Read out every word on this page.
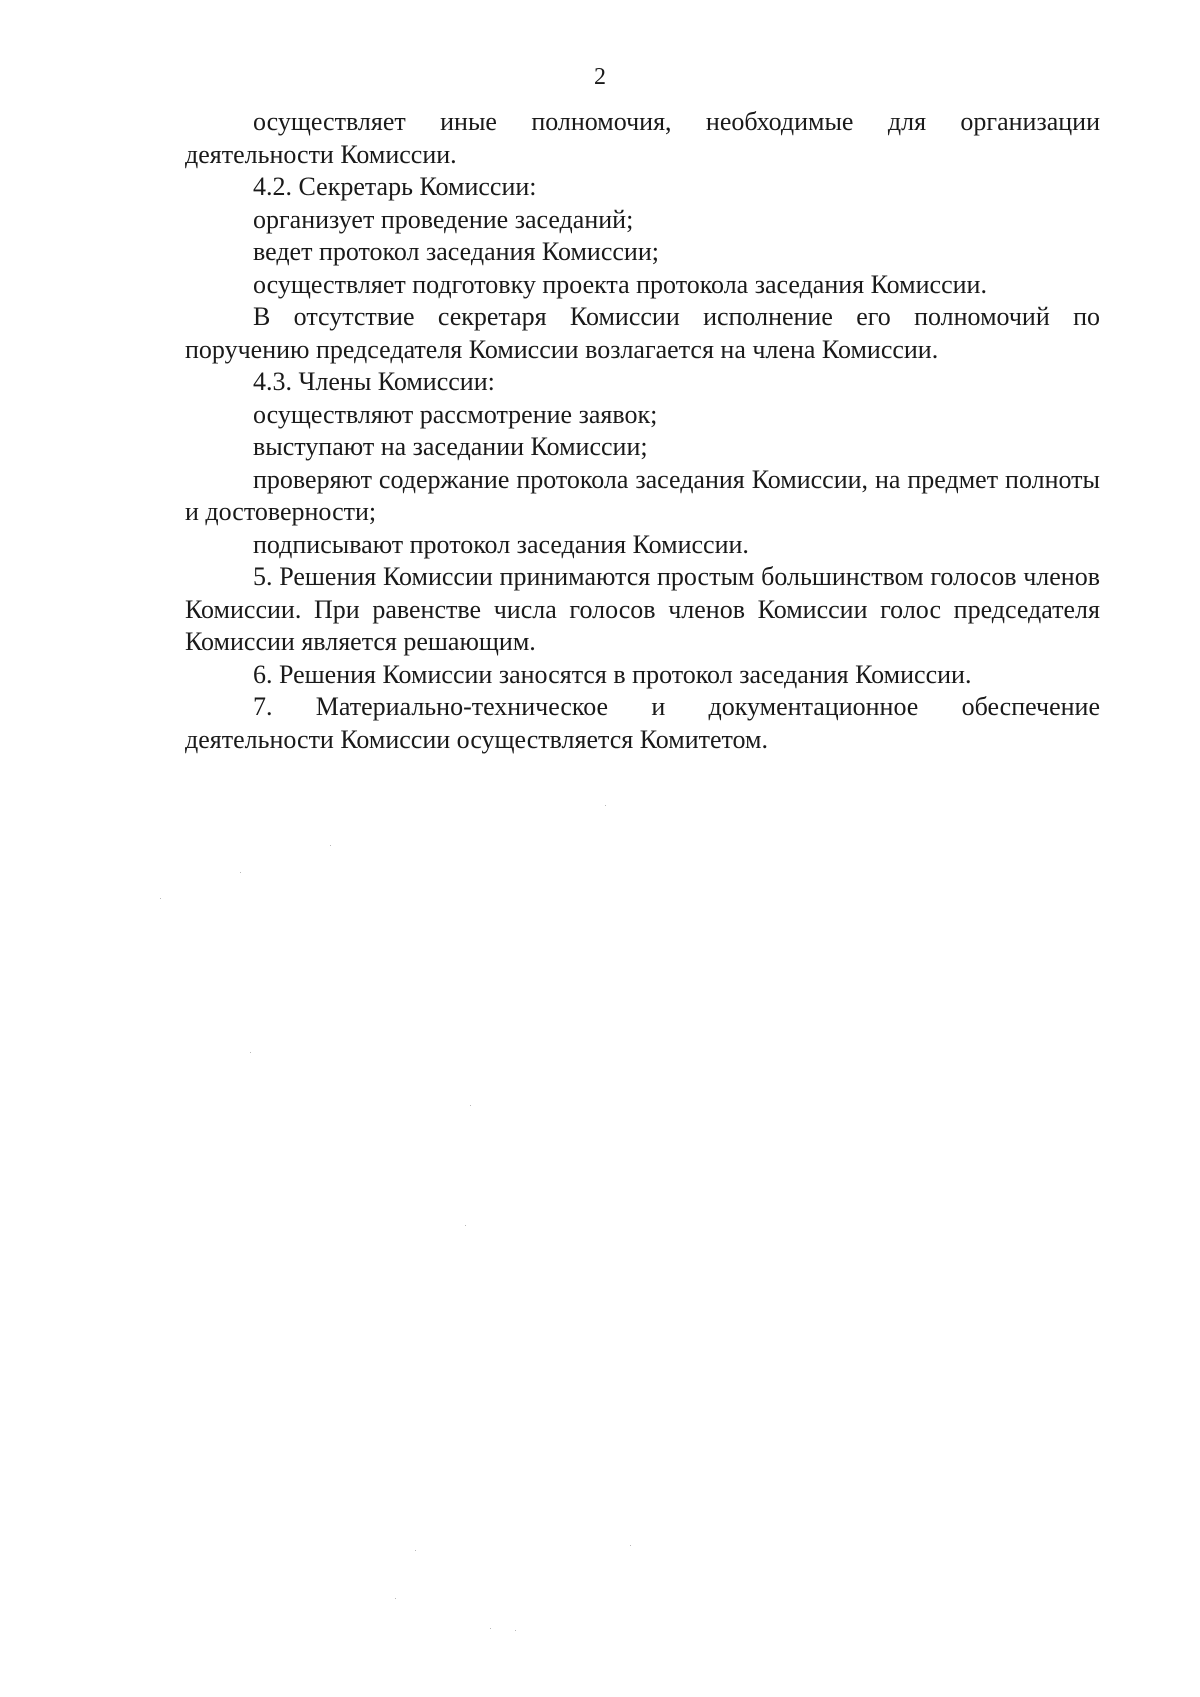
2

осуществляет иные полномочия, необходимые для организации деятельности Комиссии.

4.2. Секретарь Комиссии:

организует проведение заседаний;

ведет протокол заседания Комиссии;

осуществляет подготовку проекта протокола заседания Комиссии.

В отсутствие секретаря Комиссии исполнение его полномочий по поручению председателя Комиссии возлагается на члена Комиссии.

4.3. Члены Комиссии:

осуществляют рассмотрение заявок;

выступают на заседании Комиссии;

проверяют содержание протокола заседания Комиссии, на предмет полноты и достоверности;

подписывают протокол заседания Комиссии.

5. Решения Комиссии принимаются простым большинством голосов членов Комиссии. При равенстве числа голосов членов Комиссии голос председателя Комиссии является решающим.

6. Решения Комиссии заносятся в протокол заседания Комиссии.

7. Материально-техническое и документационное обеспечение деятельности Комиссии осуществляется Комитетом.
